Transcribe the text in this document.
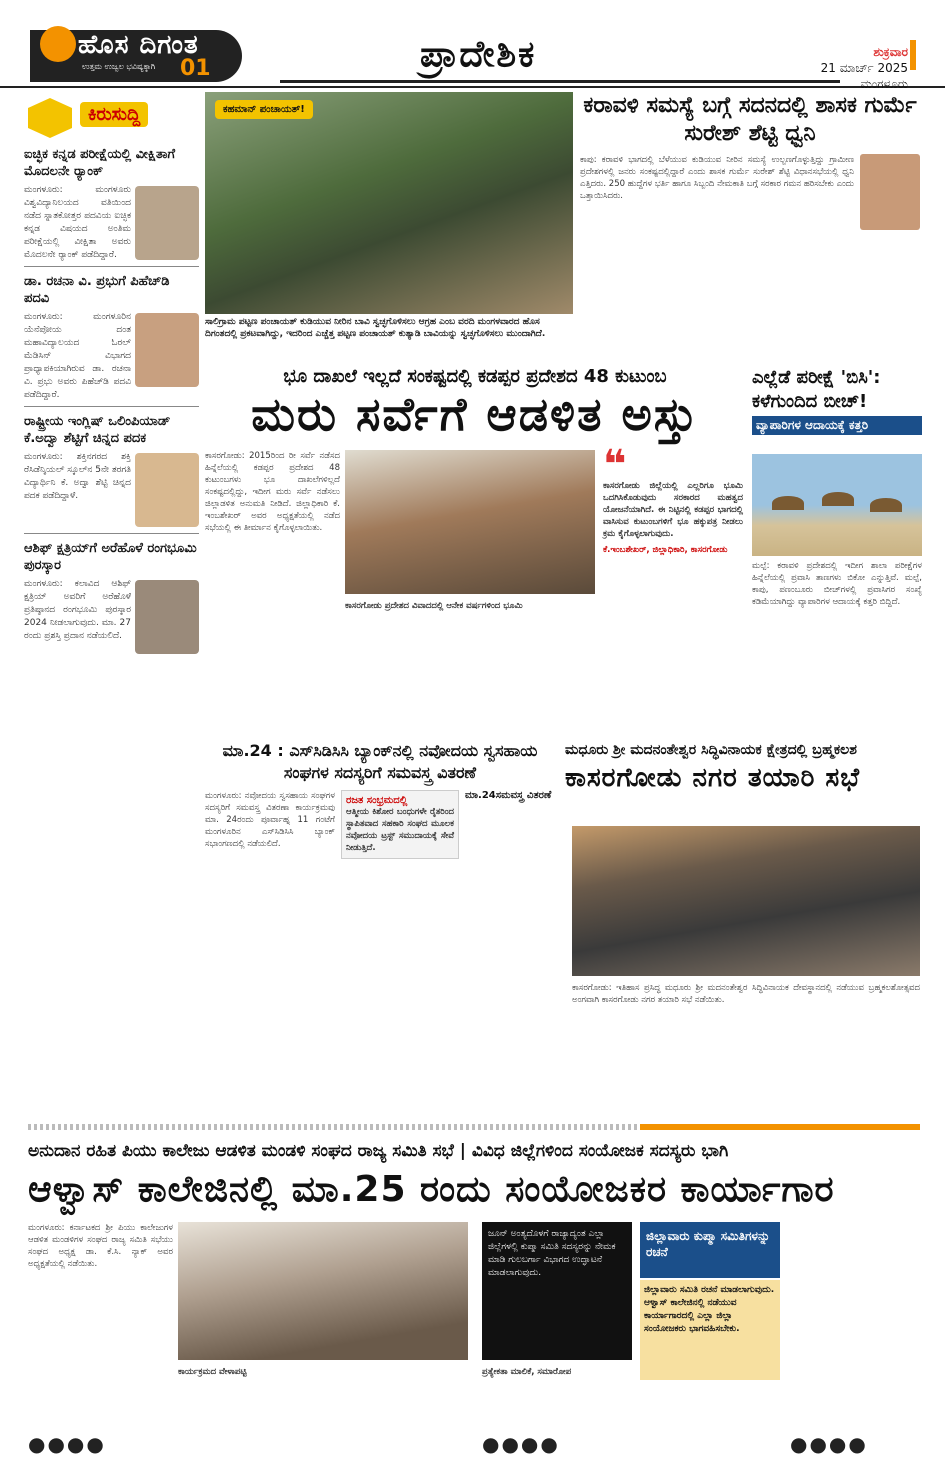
ಹೊಸ ದಿಗಂತ
ಉತ್ತಮ ಉಜ್ವಲ ಭವಿಷ್ಯಕ್ಕಾಗಿ 01	ಪ್ರಾದೇಶಿಕ	ಶುಕ್ರವಾರ
21 ಮಾರ್ಚ್ 2025
ಮಂಗಳೂರು
ಕಿರುಸುದ್ದಿ
ಐಚ್ಛಿಕ ಕನ್ನಡ ಪರೀಕ್ಷೆಯಲ್ಲಿ ವೀಕ್ಷಿತಾಗೆ ಮೊದಲನೇ ರ‍್ಯಾಂಕ್
ಮಂಗಳೂರು: ಮಂಗಳೂರು ವಿಶ್ವವಿದ್ಯಾನಿಲಯದ ವತಿಯಿಂದ ನಡೆದ ಸ್ನಾತಕೋತ್ತರ ಪದವಿಯ ಐಚ್ಛಿಕ ಕನ್ನಡ ವಿಷಯದ ಅಂತಿಮ ಪರೀಕ್ಷೆಯಲ್ಲಿ ವೀಕ್ಷಿತಾ ಅವರು ಮೊದಲನೇ ರ‍್ಯಾಂಕ್ ಪಡೆದಿದ್ದಾರೆ.
ಡಾ. ರಚನಾ ವಿ. ಪ್ರಭುಗೆ ಪಿಹೆಚ್‌ಡಿ ಪದವಿ
ಮಂಗಳೂರು: ಮಂಗಳೂರಿನ ಯೆನೆಪೋಯ ದಂತ ಮಹಾವಿದ್ಯಾಲಯದ ಓರಲ್ ಮೆಡಿಸಿನ್ ವಿಭಾಗದ ಪ್ರಾಧ್ಯಾಪಕಿಯಾಗಿರುವ ಡಾ. ರಚನಾ ವಿ. ಪ್ರಭು ಅವರು ಪಿಹೆಚ್‌ಡಿ ಪದವಿ ಪಡೆದಿದ್ದಾರೆ.
ರಾಷ್ಟ್ರೀಯ ಇಂಗ್ಲಿಷ್ ಒಲಿಂಪಿಯಾಡ್ ಕೆ.ಅದ್ವಾ ಶೆಟ್ಟಿಗೆ ಚಿನ್ನದ ಪದಕ
ಮಂಗಳೂರು: ಶಕ್ತಿನಗರದ ಶಕ್ತಿ ರೆಸಿಡೆನ್ಶಿಯಲ್ ಸ್ಕೂಲ್‌ನ 5ನೇ ತರಗತಿ ವಿದ್ಯಾರ್ಥಿನಿ ಕೆ. ಅದ್ವಾ ಶೆಟ್ಟಿ ಚಿನ್ನದ ಪದಕ ಪಡೆದಿದ್ದಾಳೆ.
ಆಶಿಫ್ ಕ್ಷತ್ರಿಯ್‌ಗೆ ಅರೆಹೊಳೆ ರಂಗಭೂಮಿ ಪುರಸ್ಕಾರ
ಮಂಗಳೂರು: ಕಲಾವಿದ ಆಶಿಫ್ ಕ್ಷತ್ರಿಯ್ ಅವರಿಗೆ ಅರೆಹೊಳೆ ಪ್ರತಿಷ್ಠಾನದ ರಂಗಭೂಮಿ ಪುರಸ್ಕಾರ 2024 ನೀಡಲಾಗುವುದು. ಮಾ. 27 ರಂದು ಪ್ರಶಸ್ತಿ ಪ್ರದಾನ ನಡೆಯಲಿದೆ.
ಕಹಮಾನ್ ಪಂಚಾಯತ್!
ಸಾಲಿಗ್ರಾಮ ಪಟ್ಟಣ ಪಂಚಾಯತ್ ಕುಡಿಯುವ ನೀರಿನ ಬಾವಿ ಸ್ವಚ್ಛಗೊಳಿಸಲು ಆಗ್ರಹ ಎಂಬ ವರದಿ ಮಂಗಳವಾರದ ಹೊಸ ದಿಗಂತದಲ್ಲಿ ಪ್ರಕಟವಾಗಿದ್ದು, ಇದರಿಂದ ಎಚ್ಚೆತ್ತ ಪಟ್ಟಣ ಪಂಚಾಯತ್ ಕುತ್ಯಾಡಿ ಬಾವಿಯನ್ನು ಸ್ವಚ್ಛಗೊಳಿಸಲು ಮುಂದಾಗಿದೆ.
ಕರಾವಳಿ ಸಮಸ್ಯೆ ಬಗ್ಗೆ ಸದನದಲ್ಲಿ ಶಾಸಕ ಗುರ್ಮೆ ಸುರೇಶ್ ಶೆಟ್ಟಿ ಧ್ವನಿ
ಕಾಪು: ಕರಾವಳಿ ಭಾಗದಲ್ಲಿ ಬೆಳೆಯುವ ಕುಡಿಯುವ ನೀರಿನ ಸಮಸ್ಯೆ ಉಲ್ಬಣಗೊಳ್ಳುತ್ತಿದ್ದು ಗ್ರಾಮೀಣ ಪ್ರದೇಶಗಳಲ್ಲಿ ಜನರು ಸಂಕಷ್ಟದಲ್ಲಿದ್ದಾರೆ ಎಂದು ಶಾಸಕ ಗುರ್ಮೆ ಸುರೇಶ್ ಶೆಟ್ಟಿ ವಿಧಾನಸಭೆಯಲ್ಲಿ ಧ್ವನಿ ಎತ್ತಿದರು. 250 ಹುದ್ದೆಗಳ ಭರ್ತಿ ಹಾಗೂ ಸಿಬ್ಬಂದಿ ನೇಮಕಾತಿ ಬಗ್ಗೆ ಸರಕಾರ ಗಮನ ಹರಿಸಬೇಕು ಎಂದು ಒತ್ತಾಯಿಸಿದರು.
ಭೂ ದಾಖಲೆ ಇಲ್ಲದೆ ಸಂಕಷ್ಟದಲ್ಲಿ ಕಡಪ್ಪರ ಪ್ರದೇಶದ 48 ಕುಟುಂಬ
ಮರು ಸರ್ವೆಗೆ ಆಡಳಿತ ಅಸ್ತು
ಕಾಸರಗೋಡು: 2015ರಿಂದ ರೀ ಸರ್ವೆ ನಡೆಸದ ಹಿನ್ನೆಲೆಯಲ್ಲಿ ಕಡಪ್ಪರ ಪ್ರದೇಶದ 48 ಕುಟುಂಬಗಳು ಭೂ ದಾಖಲೆಗಳಿಲ್ಲದೆ ಸಂಕಷ್ಟದಲ್ಲಿದ್ದು, ಇದೀಗ ಮರು ಸರ್ವೆ ನಡೆಸಲು ಜಿಲ್ಲಾಡಳಿತ ಅನುಮತಿ ನೀಡಿದೆ. ಜಿಲ್ಲಾಧಿಕಾರಿ ಕೆ. ಇಂಬಶೇಖರ್ ಅವರ ಅಧ್ಯಕ್ಷತೆಯಲ್ಲಿ ನಡೆದ ಸಭೆಯಲ್ಲಿ ಈ ತೀರ್ಮಾನ ಕೈಗೊಳ್ಳಲಾಯಿತು.
ಕಾಸರಗೋಡು ಪ್ರದೇಶದ ವಿವಾದದಲ್ಲಿ ಆನೇಕ ವರ್ಷಗಳಿಂದ ಭೂಮಿ
❝
ಕಾಸರಗೋಡು ಜಿಲ್ಲೆಯಲ್ಲಿ ಎಲ್ಲರಿಗೂ ಭೂಮಿ ಒದಗಿಸಿಕೊಡುವುದು ಸರಕಾರದ ಮಹತ್ವದ ಯೋಜನೆಯಾಗಿದೆ. ಈ ನಿಟ್ಟಿನಲ್ಲಿ ಕಡಪ್ಪರ ಭಾಗದಲ್ಲಿ ವಾಸಿಸುವ ಕುಟುಂಬಗಳಿಗೆ ಭೂ ಹಕ್ಕುಪತ್ರ ನೀಡಲು ಕ್ರಮ ಕೈಗೊಳ್ಳಲಾಗುವುದು.
ಕೆ.ಇಂಬಶೇಖರ್, ಜಿಲ್ಲಾಧಿಕಾರಿ, ಕಾಸರಗೋಡು
ಎಲ್ಲೆಡೆ ಪರೀಕ್ಷೆ 'ಬಿಸಿ': ಕಳೆಗುಂದಿದ ಬೀಚ್!
ವ್ಯಾಪಾರಿಗಳ ಆದಾಯಕ್ಕೆ ಕತ್ತರಿ
ಮಲ್ಪೆ: ಕರಾವಳಿ ಪ್ರದೇಶದಲ್ಲಿ ಇದೀಗ ಶಾಲಾ ಪರೀಕ್ಷೆಗಳ ಹಿನ್ನೆಲೆಯಲ್ಲಿ ಪ್ರವಾಸಿ ತಾಣಗಳು ಬಿಕೋ ಎನ್ನುತ್ತಿವೆ. ಮಲ್ಪೆ, ಕಾಪು, ಪಣಂಬೂರು ಬೀಚ್‌ಗಳಲ್ಲಿ ಪ್ರವಾಸಿಗರ ಸಂಖ್ಯೆ ಕಡಿಮೆಯಾಗಿದ್ದು ವ್ಯಾಪಾರಿಗಳ ಆದಾಯಕ್ಕೆ ಕತ್ತರಿ ಬಿದ್ದಿದೆ.
ಮಾ.24 : ಎಸ್‌ಸಿಡಿಸಿಸಿ ಬ್ಯಾಂಕ್‌ನಲ್ಲಿ ನವೋದಯ ಸ್ವಸಹಾಯ ಸಂಘಗಳ ಸದಸ್ಯರಿಗೆ ಸಮವಸ್ತ್ರ ವಿತರಣೆ
ಮಂಗಳೂರು: ನವೋದಯ ಸ್ವಸಹಾಯ ಸಂಘಗಳ ಸದಸ್ಯರಿಗೆ ಸಮವಸ್ತ್ರ ವಿತರಣಾ ಕಾರ್ಯಕ್ರಮವು ಮಾ. 24ರಂದು ಪೂರ್ವಾಹ್ನ 11 ಗಂಟೆಗೆ ಮಂಗಳೂರಿನ ಎಸ್‌ಸಿಡಿಸಿಸಿ ಬ್ಯಾಂಕ್ ಸಭಾಂಗಣದಲ್ಲಿ ನಡೆಯಲಿದೆ.
ರಜತ ಸಂಭ್ರಮದಲ್ಲಿ
ಆತ್ಮೀಯ ಕಿಶೋರ ಬಂಧುಗಳೇ ರೈತರಿಂದ ಸ್ಥಾಪಿತವಾದ ಸಹಕಾರಿ ಸಂಘದ ಮೂಲಕ ನವೋದಯ ಟ್ರಸ್ಟ್ ಸಮುದಾಯಕ್ಕೆ ಸೇವೆ ನೀಡುತ್ತಿದೆ.
ಮಾ.24ಸಮವಸ್ತ್ರ ವಿತರಣೆ
ಮಧೂರು ಶ್ರೀ ಮದನಂತೇಶ್ವರ ಸಿದ್ಧಿವಿನಾಯಕ ಕ್ಷೇತ್ರದಲ್ಲಿ ಬ್ರಹ್ಮಕಲಶ
ಕಾಸರಗೋಡು ನಗರ ತಯಾರಿ ಸಭೆ
ಕಾಸರಗೋಡು: ಇತಿಹಾಸ ಪ್ರಸಿದ್ಧ ಮಧೂರು ಶ್ರೀ ಮದನಂತೇಶ್ವರ ಸಿದ್ಧಿವಿನಾಯಕ ದೇವಸ್ಥಾನದಲ್ಲಿ ನಡೆಯುವ ಬ್ರಹ್ಮಕಲಶೋತ್ಸವದ ಅಂಗವಾಗಿ ಕಾಸರಗೋಡು ನಗರ ತಯಾರಿ ಸಭೆ ನಡೆಯಿತು.
ಅನುದಾನ ರಹಿತ ಪಿಯು ಕಾಲೇಜು ಆಡಳಿತ ಮಂಡಳಿ ಸಂಘದ ರಾಜ್ಯ ಸಮಿತಿ ಸಭೆ | ವಿವಿಧ ಜಿಲ್ಲೆಗಳಿಂದ ಸಂಯೋಜಕ ಸದಸ್ಯರು ಭಾಗಿ
ಆಳ್ವಾಸ್ ಕಾಲೇಜಿನಲ್ಲಿ ಮಾ.25 ರಂದು ಸಂಯೋಜಕರ ಕಾರ್ಯಾಗಾರ
ಮಂಗಳೂರು: ಕರ್ನಾಟಕದ ಶ್ರೀ ಪಿಯು ಕಾಲೇಜುಗಳ ಆಡಳಿತ ಮಂಡಳಿಗಳ ಸಂಘದ ರಾಜ್ಯ ಸಮಿತಿ ಸಭೆಯು ಸಂಘದ ಅಧ್ಯಕ್ಷ ಡಾ. ಕೆ.ಸಿ. ನ್ಯಾಕ್ ಅವರ ಅಧ್ಯಕ್ಷತೆಯಲ್ಲಿ ನಡೆಯಿತು.
ಕಾರ್ಯಕ್ರಮದ ವೇಳಾಪಟ್ಟಿ
ಜೂನ್ ಅಂತ್ಯದೊಳಗೆ ರಾಜ್ಯಾದ್ಯಂತ ಎಲ್ಲಾ ಜಿಲ್ಲೆಗಳಲ್ಲಿ ಕುಪ್ಮಾ ಸಮಿತಿ ಸದಸ್ಯರನ್ನು ನೇಮಕ ಮಾಡಿ ಗುಲಬರ್ಗಾ ವಿಭಾಗದ ಉದ್ಘಾಟನೆ ಮಾಡಲಾಗುವುದು.
ಜಿಲ್ಲಾವಾರು ಕುಪ್ಮಾ ಸಮಿತಿಗಳನ್ನು ರಚನೆ
ಜಿಲ್ಲಾವಾರು ಸಮಿತಿ ರಚನೆ ಮಾಡಲಾಗುವುದು. ಆಳ್ವಾಸ್ ಕಾಲೇಜಿನಲ್ಲಿ ನಡೆಯುವ ಕಾರ್ಯಾಗಾರದಲ್ಲಿ ಎಲ್ಲಾ ಜಿಲ್ಲಾ ಸಂಯೋಜಕರು ಭಾಗವಹಿಸಬೇಕು.
ಪ್ರತ್ಯೇಕತಾ ಮಾಲಿಕೆ, ಸಮಾರೋಪ
●●●●	●●●●	●●●●
